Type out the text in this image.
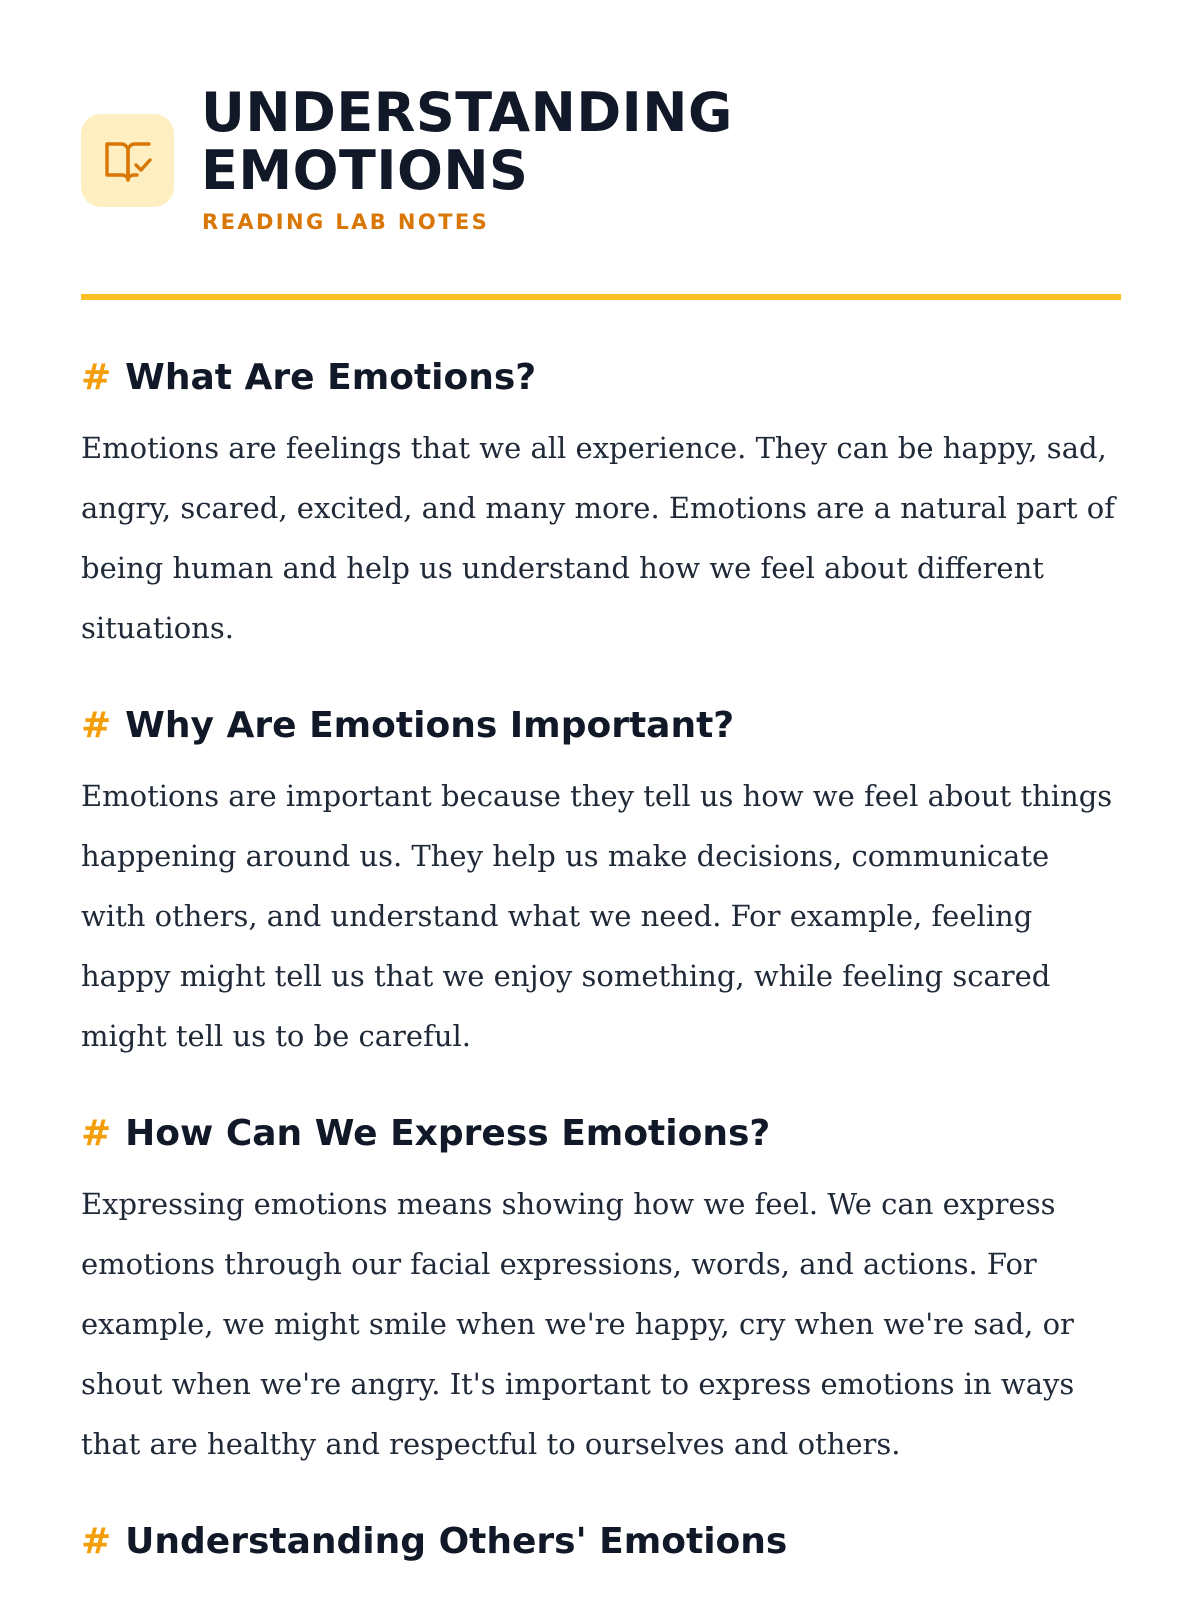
UNDERSTANDING
EMOTIONS
READING LAB NOTES
# What Are Emotions?

Emotions are feelings that we all experience. They can be happy, sad, angry, scared, excited, and many more. Emotions are a natural part of being human and help us understand how we feel about different situations.

# Why Are Emotions Important?

Emotions are important because they tell us how we feel about things happening around us. They help us make decisions, communicate with others, and understand what we need. For example, feeling happy might tell us that we enjoy something, while feeling scared might tell us to be careful.

# How Can We Express Emotions?

Expressing emotions means showing how we feel. We can express emotions through our facial expressions, words, and actions. For example, we might smile when we're happy, cry when we're sad, or shout when we're angry. It's important to express emotions in ways that are healthy and respectful to ourselves and others.

# Understanding Others' Emotions
